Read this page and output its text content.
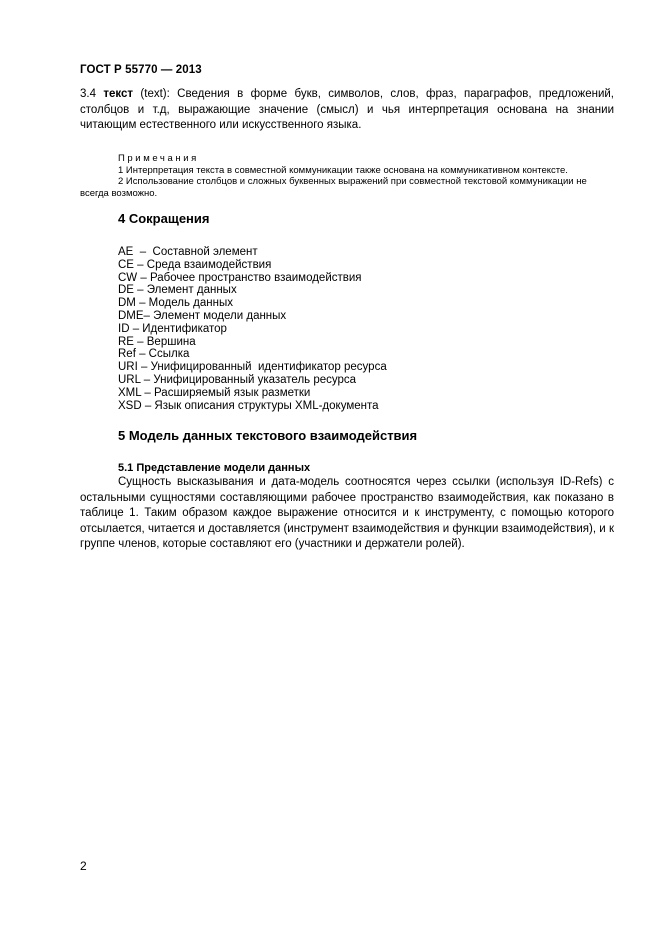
ГОСТ Р 55770 — 2013
3.4 текст (text): Сведения в форме букв, символов, слов, фраз, параграфов, предложений, столбцов и т.д, выражающие значение (смысл) и чья интерпретация основана на знании читающим естественного или искусственного языка.
Примечания
1 Интерпретация текста в совместной коммуникации также основана на коммуникативном контексте.
2 Использование столбцов и сложных буквенных выражений при совместной текстовой коммуникации не всегда возможно.
4 Сокращения
AE  –  Составной элемент
CE – Среда взаимодействия
CW – Рабочее пространство взаимодействия
DE – Элемент данных
DM – Модель данных
DME– Элемент модели данных
ID – Идентификатор
RE – Вершина
Ref – Ссылка
URI – Унифицированный  идентификатор ресурса
URL – Унифицированный указатель ресурса
XML – Расширяемый язык разметки
XSD – Язык описания структуры XML-документа
5 Модель данных текстового взаимодействия
5.1 Представление модели данных
Сущность высказывания и дата-модель соотносятся через ссылки (используя ID-Refs) с остальными сущностями составляющими рабочее пространство взаимодействия, как показано в таблице 1. Таким образом каждое выражение относится и к инструменту, с помощью которого отсылается, читается и доставляется (инструмент взаимодействия и функции взаимодействия), и к группе членов, которые составляют его (участники и держатели ролей).
2
